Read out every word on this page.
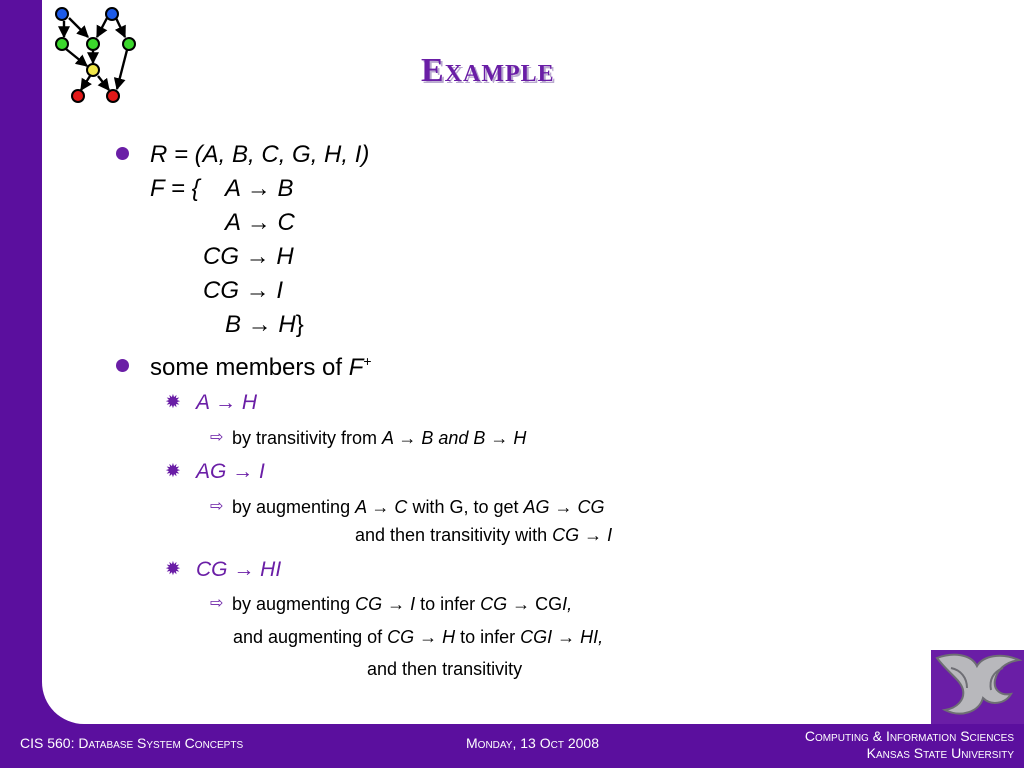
Example
R = (A, B, C, G, H, I)
F = { A → B
A → C
CG → H
CG → I
B → H}
some members of F+
✹ A → H
⇨ by transitivity from A → B and B → H
✹ AG → I
⇨ by augmenting A → C with G, to get AG → CG
and then transitivity with CG → I
✹ CG → HI
⇨ by augmenting CG → I to infer CG → CGI,
and augmenting of CG → H to infer CGI → HI,
and then transitivity
CIS 560: Database System Concepts	Monday, 13 Oct 2008	Computing & Information Sciences
Kansas State University
